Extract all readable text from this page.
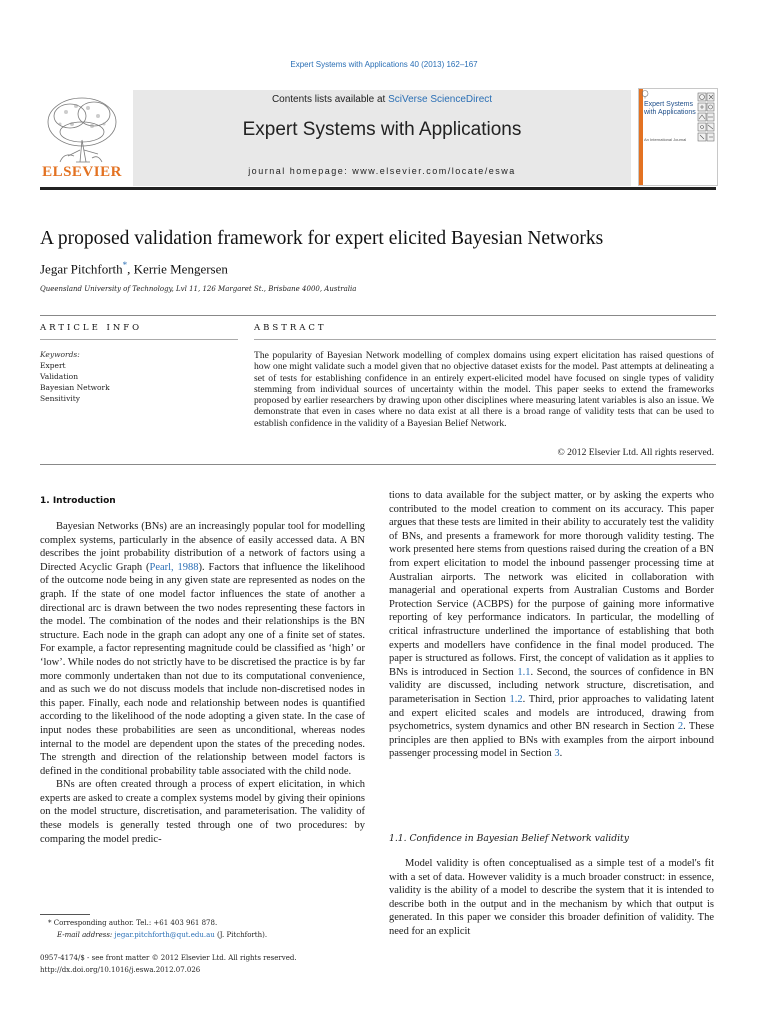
Expert Systems with Applications 40 (2013) 162–167
ELSEVIER
Contents lists available at SciVerse ScienceDirect
Expert Systems with Applications
journal homepage: www.elsevier.com/locate/eswa
Expert Systems with Applications
An International Journal
A proposed validation framework for expert elicited Bayesian Networks
Jegar Pitchforth*, Kerrie Mengersen
Queensland University of Technology, Lvl 11, 126 Margaret St., Brisbane 4000, Australia
ARTICLE INFO
Keywords:
Expert
Validation
Bayesian Network
Sensitivity
ABSTRACT
The popularity of Bayesian Network modelling of complex domains using expert elicitation has raised questions of how one might validate such a model given that no objective dataset exists for the model. Past attempts at delineating a set of tests for establishing confidence in an entirely expert-elicited model have focused on single types of validity stemming from individual sources of uncertainty within the model. This paper seeks to extend the frameworks proposed by earlier researchers by drawing upon other disciplines where measuring latent variables is also an issue. We demonstrate that even in cases where no data exist at all there is a broad range of validity tests that can be used to establish confidence in the validity of a Bayesian Belief Network.
© 2012 Elsevier Ltd. All rights reserved.
1. Introduction

Bayesian Networks (BNs) are an increasingly popular tool for modelling complex systems, particularly in the absence of easily accessed data. A BN describes the joint probability distribution of a network of factors using a Directed Acyclic Graph (Pearl, 1988). Factors that influence the likelihood of the outcome node being in any given state are represented as nodes on the graph. If the state of one model factor influences the state of another a directional arc is drawn between the two nodes representing these factors in the model. The combination of the nodes and their relationships is the BN structure. Each node in the graph can adopt any one of a finite set of states. For example, a factor representing magnitude could be classified as ‘high’ or ‘low’. While nodes do not strictly have to be discretised the practice is by far more commonly undertaken than not due to its computational convenience, and as such we do not discuss models that include non-discretised nodes in this paper. Finally, each node and relationship between nodes is quantified according to the likelihood of the node adopting a given state. In the case of input nodes these probabilities are seen as unconditional, whereas nodes internal to the model are dependent upon the states of the preceding nodes. The strength and direction of the relationship between model factors is defined in the conditional probability table associated with the child node.

BNs are often created through a process of expert elicitation, in which experts are asked to create a complex systems model by giving their opinions on the model structure, discretisation, and parameterisation. The validity of these models is generally tested through one of two procedures: by comparing the model predic-

* Corresponding author. Tel.: +61 403 961 878.
E-mail address: jegar.pitchforth@qut.edu.au (J. Pitchforth).
0957-4174/$ - see front matter © 2012 Elsevier Ltd. All rights reserved.
http://dx.doi.org/10.1016/j.eswa.2012.07.026

tions to data available for the subject matter, or by asking the experts who contributed to the model creation to comment on its accuracy. This paper argues that these tests are limited in their ability to accurately test the validity of BNs, and presents a framework for more thorough validity testing. The work presented here stems from questions raised during the creation of a BN from expert elicitation to model the inbound passenger processing time at Australian airports. The network was elicited in collaboration with managerial and operational experts from Australian Customs and Border Protection Service (ACBPS) for the purpose of gaining more informative reporting of key performance indicators. In particular, the modelling of critical infrastructure underlined the importance of establishing that both experts and modellers have confidence in the final model produced. The paper is structured as follows. First, the concept of validation as it applies to BNs is introduced in Section 1.1. Second, the sources of confidence in BN validity are discussed, including network structure, discretisation, and parameterisation in Section 1.2. Third, prior approaches to validating latent and expert elicited scales and models are introduced, drawing from psychometrics, system dynamics and other BN research in Section 2. These principles are then applied to BNs with examples from the airport inbound passenger processing model in Section 3.

1.1. Confidence in Bayesian Belief Network validity

Model validity is often conceptualised as a simple test of a model's fit with a set of data. However validity is a much broader construct: in essence, validity is the ability of a model to describe the system that it is intended to describe both in the output and in the mechanism by which that output is generated. In this paper we consider this broader definition of validity. The need for an explicit
